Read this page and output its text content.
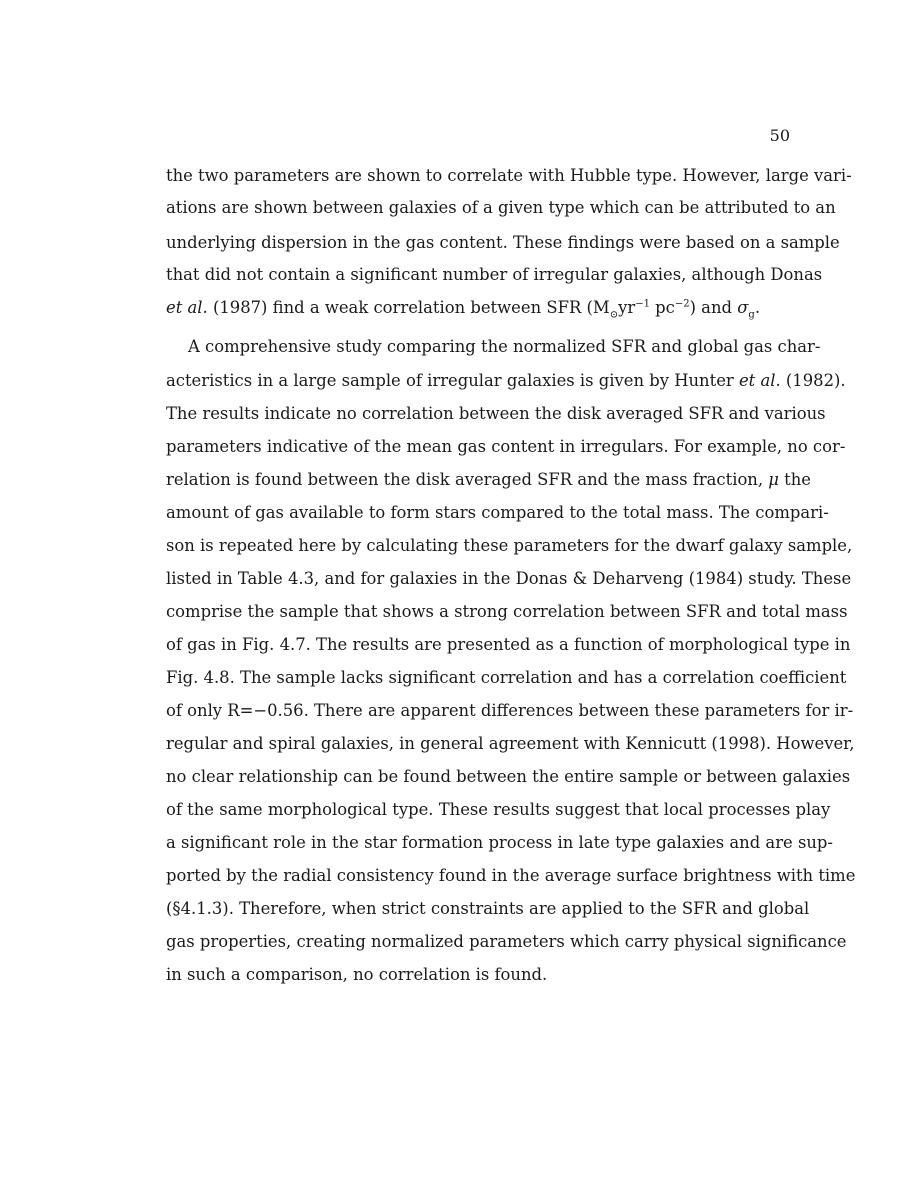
50
the two parameters are shown to correlate with Hubble type. However, large vari-
ations are shown between galaxies of a given type which can be attributed to an
underlying dispersion in the gas content. These findings were based on a sample
that did not contain a significant number of irregular galaxies, although Donas
et al. (1987) find a weak correlation between SFR ($M_⊙yr^{-1}$ $pc^{-2}$) and $\sigma_g$.
A comprehensive study comparing the normalized SFR and global gas char-
acteristics in a large sample of irregular galaxies is given by Hunter et al. (1982).
The results indicate no correlation between the disk averaged SFR and various
parameters indicative of the mean gas content in irregulars. For example, no cor-
relation is found between the disk averaged SFR and the mass fraction, μ the
amount of gas available to form stars compared to the total mass. The compari-
son is repeated here by calculating these parameters for the dwarf galaxy sample,
listed in Table 4.3, and for galaxies in the Donas & Deharveng (1984) study. These
comprise the sample that shows a strong correlation between SFR and total mass
of gas in Fig. 4.7. The results are presented as a function of morphological type in
Fig. 4.8. The sample lacks significant correlation and has a correlation coefficient
of only R=−0.56. There are apparent differences between these parameters for ir-
regular and spiral galaxies, in general agreement with Kennicutt (1998). However,
no clear relationship can be found between the entire sample or between galaxies
of the same morphological type. These results suggest that local processes play
a significant role in the star formation process in late type galaxies and are sup-
ported by the radial consistency found in the average surface brightness with time
(§4.1.3). Therefore, when strict constraints are applied to the SFR and global
gas properties, creating normalized parameters which carry physical significance
in such a comparison, no correlation is found.
